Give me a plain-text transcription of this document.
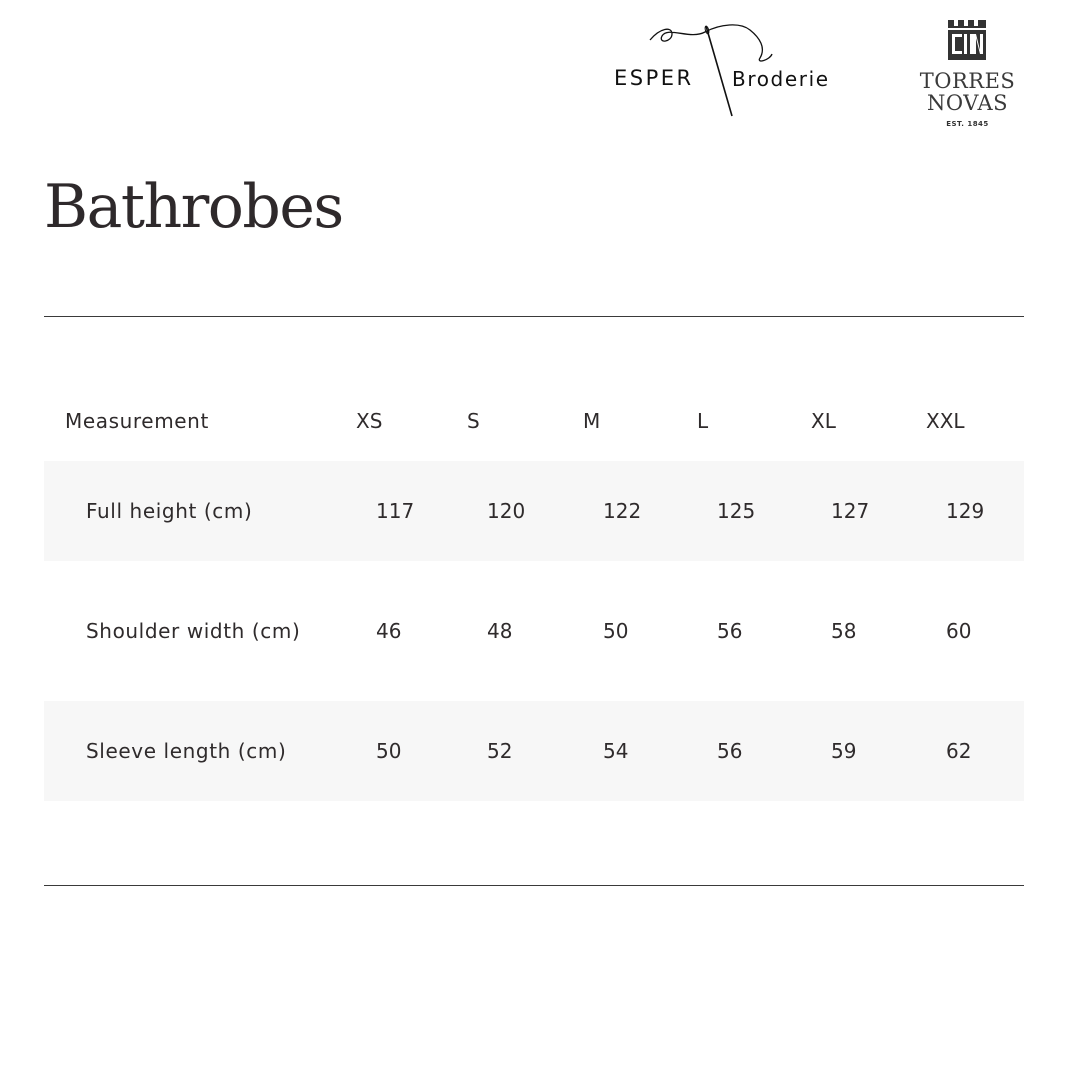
ESPER Broderie	TORRES
NOVAS
EST. 1845
Bathrobes
Measurement	XS	S	M	L	XL	XXL
Full height (cm)	117	120	122	125	127	129
Shoulder width (cm)	46	48	50	56	58	60
Sleeve length (cm)	50	52	54	56	59	62
